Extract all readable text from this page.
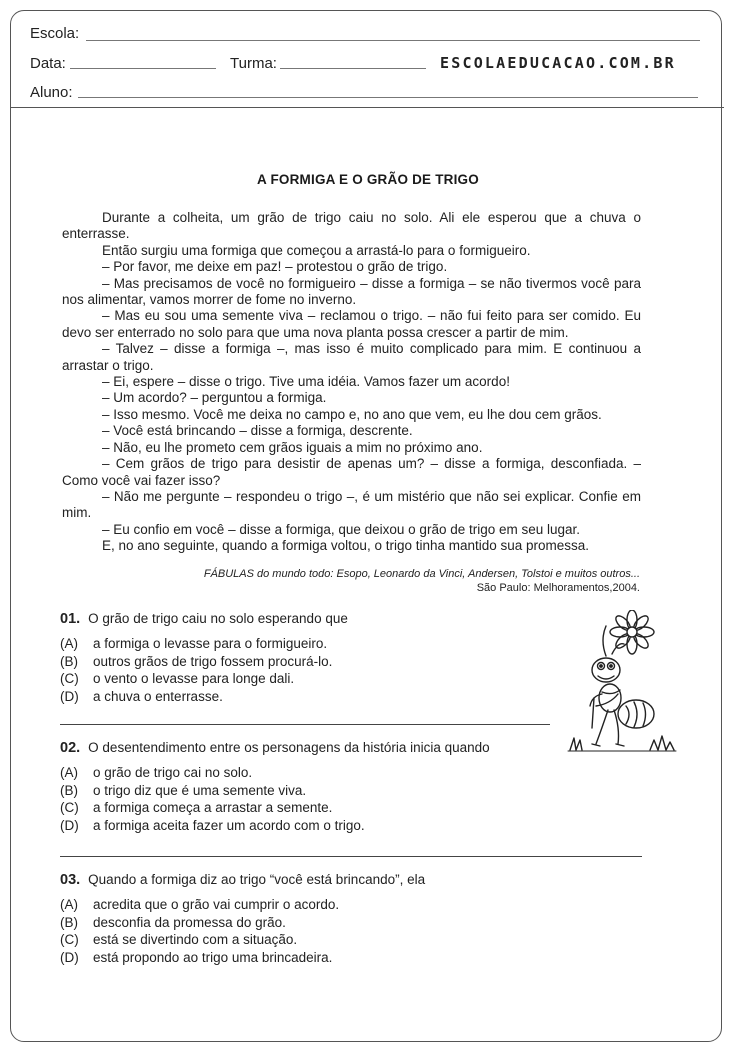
Escola:
Data:	Turma:	ESCOLAEDUCACAO.COM.BR
Aluno:
A FORMIGA E O GRÃO DE TRIGO

Durante a colheita, um grão de trigo caiu no solo. Ali ele esperou que a chuva o enterrasse.

Então surgiu uma formiga que começou a arrastá-lo para o formigueiro.

– Por favor, me deixe em paz! – protestou o grão de trigo.

– Mas precisamos de você no formigueiro – disse a formiga – se não tivermos você para nos alimentar, vamos morrer de fome no inverno.

– Mas eu sou uma semente viva – reclamou o trigo. – não fui feito para ser comido. Eu devo ser enterrado no solo para que uma nova planta possa crescer a partir de mim.

– Talvez – disse a formiga –, mas isso é muito complicado para mim. E continuou a arrastar o trigo.

– Ei, espere – disse o trigo. Tive uma idéia. Vamos fazer um acordo!

– Um acordo? – perguntou a formiga.

– Isso mesmo. Você me deixa no campo e, no ano que vem, eu lhe dou cem grãos.

– Você está brincando – disse a formiga, descrente.

– Não, eu lhe prometo cem grãos iguais a mim no próximo ano.

– Cem grãos de trigo para desistir de apenas um? – disse a formiga, desconfiada. – Como você vai fazer isso?

– Não me pergunte – respondeu o trigo –, é um mistério que não sei explicar. Confie em mim.

– Eu confio em você – disse a formiga, que deixou o grão de trigo em seu lugar.

E, no ano seguinte, quando a formiga voltou, o trigo tinha mantido sua promessa.

FÁBULAS do mundo todo: Esopo, Leonardo da Vinci, Andersen, Tolstoi e muitos outros...
São Paulo: Melhoramentos,2004.
01. O grão de trigo caiu no solo esperando que
(A)	a formiga o levasse para o formigueiro.
(B)	outros grãos de trigo fossem procurá-lo.
(C)	o vento o levasse para longe dali.
(D)	a chuva o enterrasse.
02. O desentendimento entre os personagens da história inicia quando
(A)	o grão de trigo cai no solo.
(B)	o trigo diz que é uma semente viva.
(C)	a formiga começa a arrastar a semente.
(D)	a formiga aceita fazer um acordo com o trigo.
03. Quando a formiga diz ao trigo “você está brincando”, ela
(A)	acredita que o grão vai cumprir o acordo.
(B)	desconfia da promessa do grão.
(C)	está se divertindo com a situação.
(D)	está propondo ao trigo uma brincadeira.
